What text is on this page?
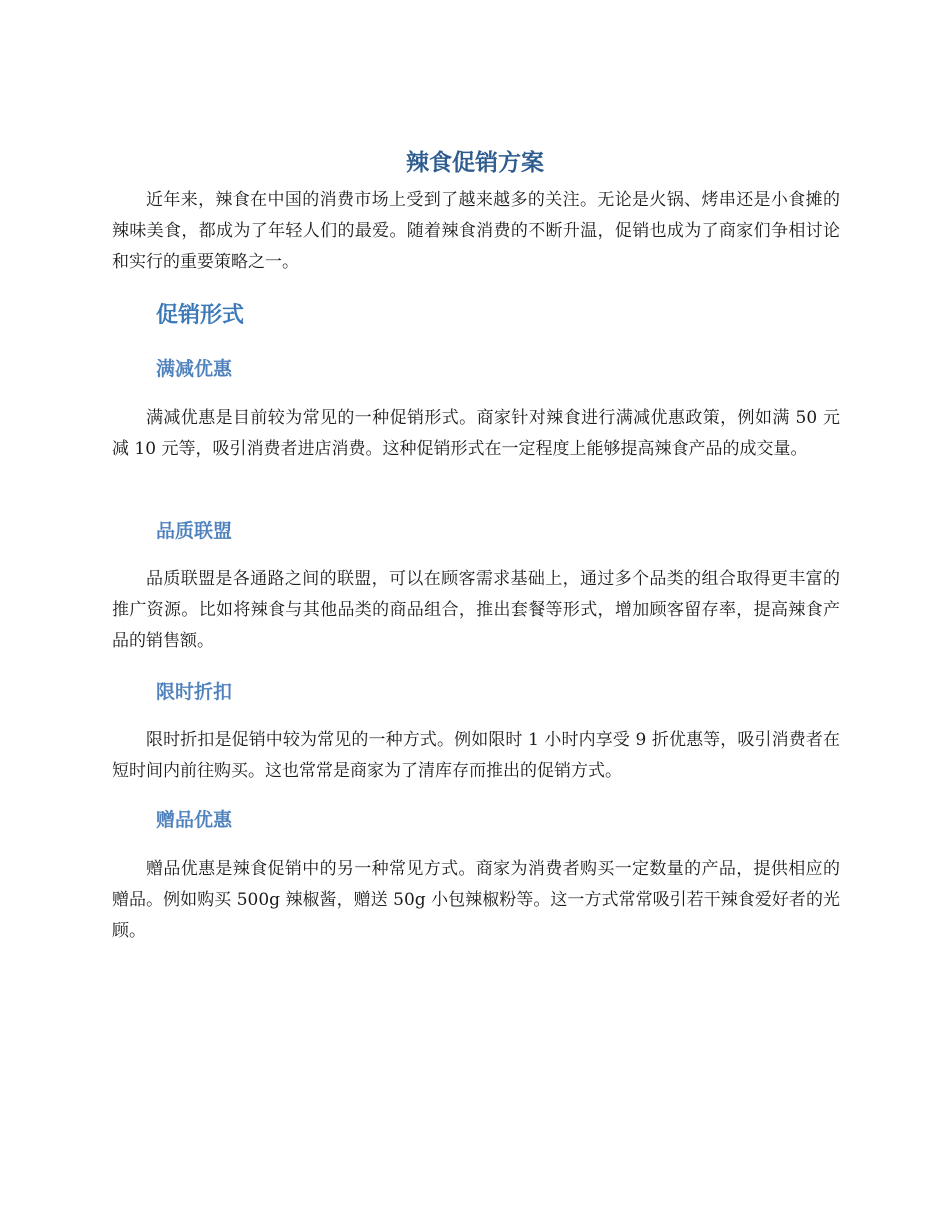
辣食促销方案

近年来，辣食在中国的消费市场上受到了越来越多的关注。无论是火锅、烤串还是小食摊的辣味美食，都成为了年轻人们的最爱。随着辣食消费的不断升温，促销也成为了商家们争相讨论和实行的重要策略之一。

促销形式
满减优惠

满减优惠是目前较为常见的一种促销形式。商家针对辣食进行满减优惠政策，例如满 50 元减 10 元等，吸引消费者进店消费。这种促销形式在一定程度上能够提高辣食产品的成交量。

品质联盟

品质联盟是各通路之间的联盟，可以在顾客需求基础上，通过多个品类的组合取得更丰富的推广资源。比如将辣食与其他品类的商品组合，推出套餐等形式，增加顾客留存率，提高辣食产品的销售额。

限时折扣

限时折扣是促销中较为常见的一种方式。例如限时 1 小时内享受 9 折优惠等，吸引消费者在短时间内前往购买。这也常常是商家为了清库存而推出的促销方式。

赠品优惠

赠品优惠是辣食促销中的另一种常见方式。商家为消费者购买一定数量的产品，提供相应的赠品。例如购买 500g 辣椒酱，赠送 50g 小包辣椒粉等。这一方式常常吸引若干辣食爱好者的光顾。
